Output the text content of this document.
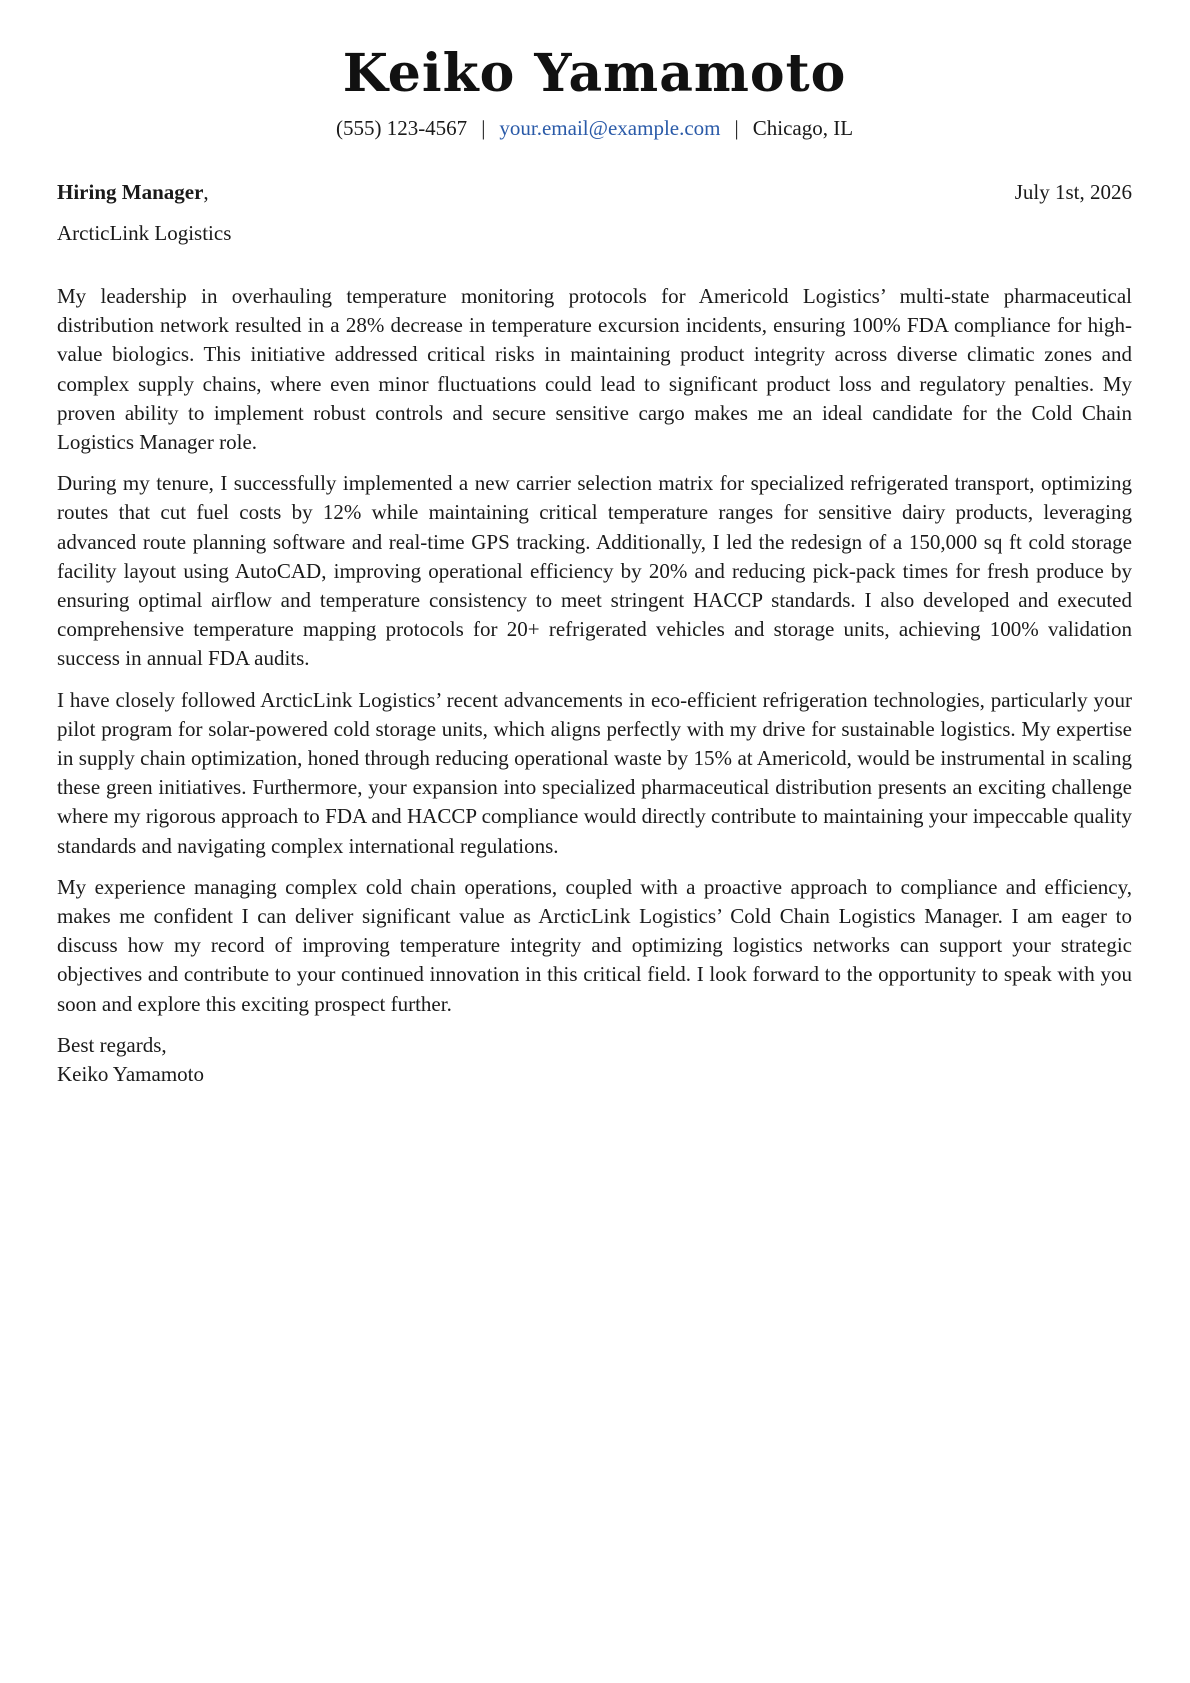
Keiko Yamamoto
(555) 123-4567 | your.email@example.com | Chicago, IL
Hiring Manager,	July 1st, 2026
ArcticLink Logistics

My leadership in overhauling temperature monitoring protocols for Americold Logistics’ multi-state pharmaceutical distribution network resulted in a 28% decrease in temperature excursion incidents, ensuring 100% FDA compliance for high-value biologics. This initiative addressed critical risks in maintaining product integrity across diverse climatic zones and complex supply chains, where even minor fluctuations could lead to significant product loss and regulatory penalties. My proven ability to implement robust controls and secure sensitive cargo makes me an ideal candidate for the Cold Chain Logistics Manager role.

During my tenure, I successfully implemented a new carrier selection matrix for specialized refrigerated transport, optimizing routes that cut fuel costs by 12% while maintaining critical temperature ranges for sensitive dairy products, leveraging advanced route planning software and real-time GPS tracking. Additionally, I led the redesign of a 150,000 sq ft cold storage facility layout using AutoCAD, improving operational efficiency by 20% and reducing pick-pack times for fresh produce by ensuring optimal airflow and temperature consistency to meet stringent HACCP standards. I also developed and executed comprehensive temperature mapping protocols for 20+ refrigerated vehicles and storage units, achieving 100% validation success in annual FDA audits.

I have closely followed ArcticLink Logistics’ recent advancements in eco-efficient refrigeration technologies, particularly your pilot program for solar-powered cold storage units, which aligns perfectly with my drive for sustainable logistics. My expertise in supply chain optimization, honed through reducing operational waste by 15% at Americold, would be instrumental in scaling these green initiatives. Furthermore, your expansion into specialized pharmaceutical distribution presents an exciting challenge where my rigorous approach to FDA and HACCP compliance would directly contribute to maintaining your impeccable quality standards and navigating complex international regulations.

My experience managing complex cold chain operations, coupled with a proactive approach to compliance and efficiency, makes me confident I can deliver significant value as ArcticLink Logistics’ Cold Chain Logistics Manager. I am eager to discuss how my record of improving temperature integrity and optimizing logistics networks can support your strategic objectives and contribute to your continued innovation in this critical field. I look forward to the opportunity to speak with you soon and explore this exciting prospect further.

Best regards,
Keiko Yamamoto
